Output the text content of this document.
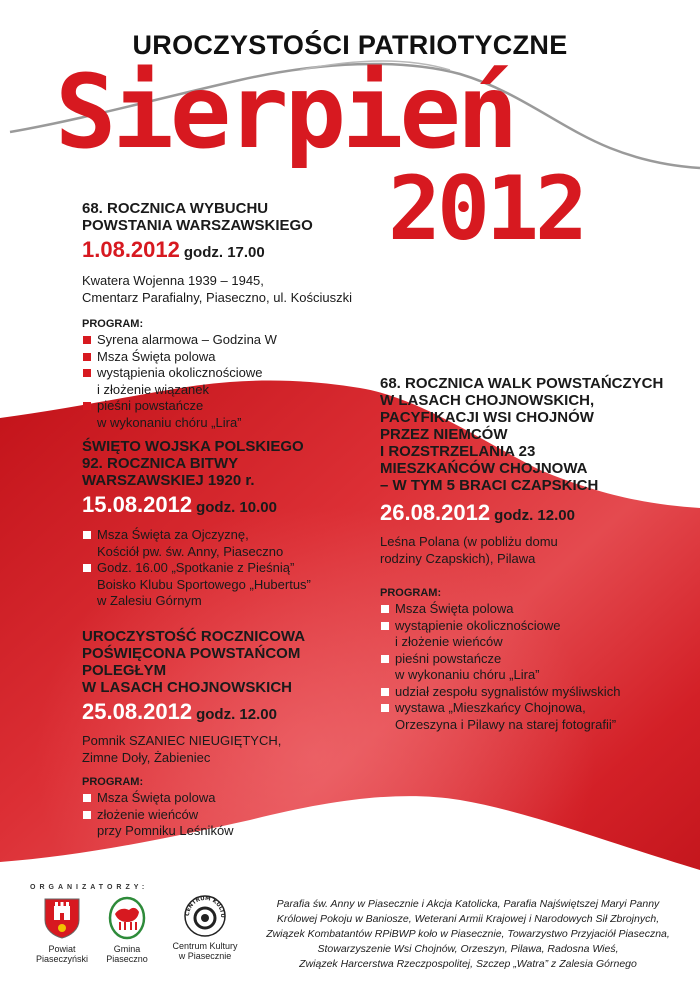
UROCZYSTOŚCI PATRIOTYCZNE
Sierpień
2012
68. ROCZNICA WYBUCHU
POWSTANIA WARSZAWSKIEGO
1.08.2012 godz. 17.00
Kwatera Wojenna 1939 – 1945,
Cmentarz Parafialny, Piaseczno, ul. Kościuszki
PROGRAM:
Syrena alarmowa – Godzina W
Msza Święta polowa
wystąpienia okolicznościowe
i złożenie wiązanek
pieśni powstańcze
w wykonaniu chóru „Lira”
ŚWIĘTO WOJSKA POLSKIEGO
92. ROCZNICA BITWY
WARSZAWSKIEJ 1920 r.
15.08.2012 godz. 10.00
Msza Święta za Ojczyznę,
Kościół pw. św. Anny, Piaseczno
Godz. 16.00 „Spotkanie z Pieśnią”
Boisko Klubu Sportowego „Hubertus”
w Zalesiu Górnym
UROCZYSTOŚĆ ROCZNICOWA
POŚWIĘCONA POWSTAŃCOM
POLEGŁYM
W LASACH CHOJNOWSKICH
25.08.2012 godz. 12.00
Pomnik SZANIEC NIEUGIĘTYCH,
Zimne Doły, Żabieniec
PROGRAM:
Msza Święta polowa
złożenie wieńców
przy Pomniku Leśników
68. ROCZNICA WALK POWSTAŃCZYCH
W LASACH CHOJNOWSKICH,
PACYFIKACJI WSI CHOJNÓW
PRZEZ NIEMCÓW
I ROZSTRZELANIA 23
MIESZKAŃCÓW CHOJNOWA
– W TYM 5 BRACI CZAPSKICH
26.08.2012 godz. 12.00
Leśna Polana (w pobliżu domu
rodziny Czapskich), Pilawa
PROGRAM:
Msza Święta polowa
wystąpienie okolicznościowe
i złożenie wieńców
pieśni powstańcze
w wykonaniu chóru „Lira”
udział zespołu sygnalistów myśliwskich
wystawa „Mieszkańcy Chojnowa,
Orzeszyna i Pilawy na starej fotografii”
ORGANIZATORZY:
Powiat
Piaseczyński
Gmina
Piaseczno
CENTRUM KULTU
Centrum Kultury
w Piasecznie
Parafia św. Anny w Piasecznie i Akcja Katolicka, Parafia Najświętszej Maryi Panny
Królowej Pokoju w Baniosze, Weterani Armii Krajowej i Narodowych Sił Zbrojnych,
Związek Kombatantów RPiBWP koło w Piasecznie, Towarzystwo Przyjaciół Piaseczna,
Stowarzyszenie Wsi Chojnów, Orzeszyn, Pilawa, Radosna Wieś,
Związek Harcerstwa Rzeczpospolitej, Szczep „Watra” z Zalesia Górnego
